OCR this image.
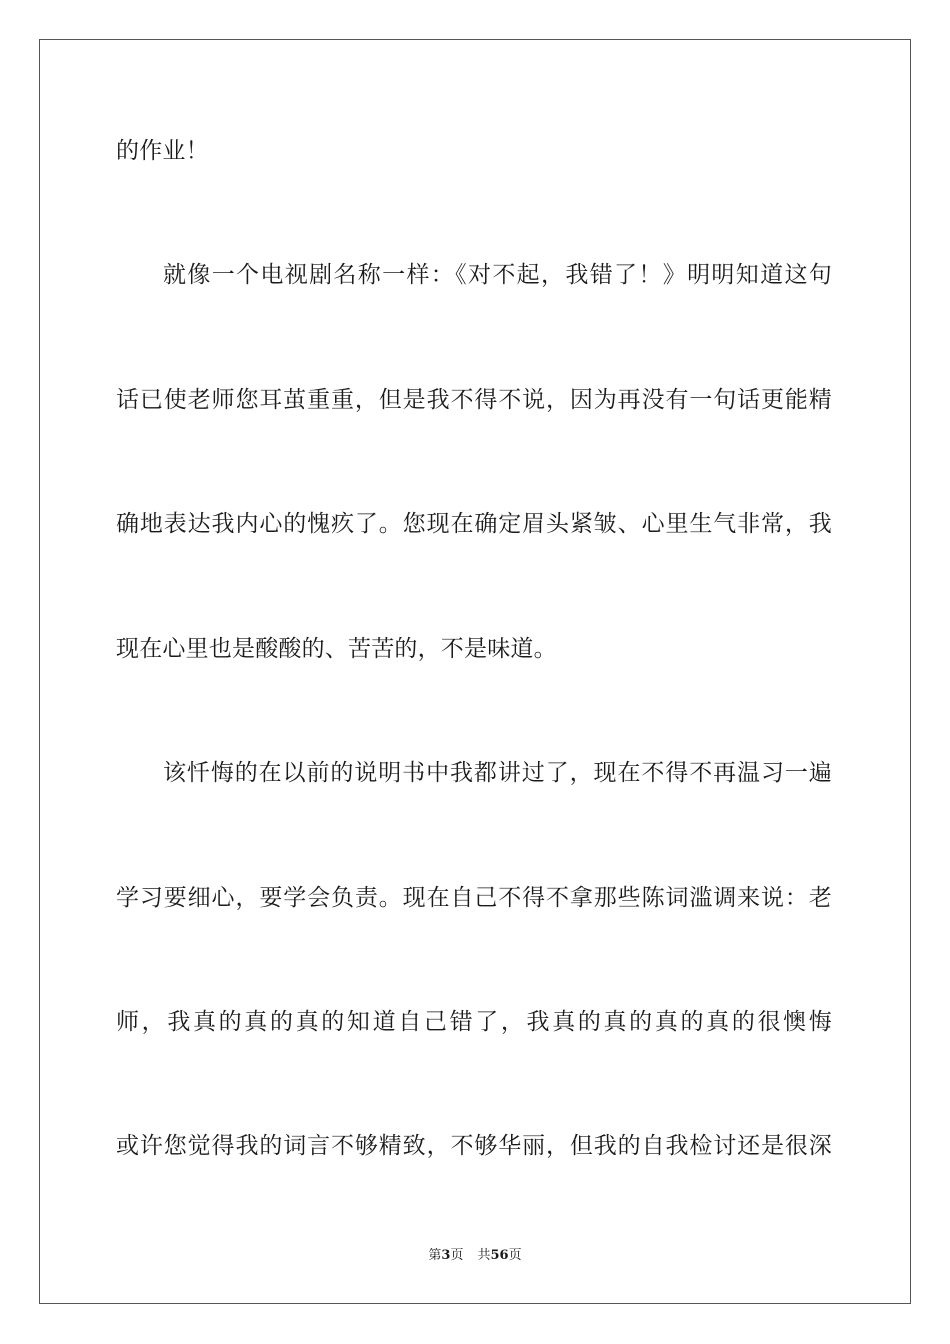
的作业！
就像一个电视剧名称一样：《对不起，我错了！》明明知道这句
话已使老师您耳茧重重，但是我不得不说，因为再没有一句话更能精
确地表达我内心的愧疚了。您现在确定眉头紧皱、心里生气非常，我
现在心里也是酸酸的、苦苦的，不是味道。
该忏悔的在以前的说明书中我都讲过了，现在不得不再温习一遍
学习要细心，要学会负责。现在自己不得不拿那些陈词滥调来说：老
师，我真的真的真的知道自己错了，我真的真的真的真的很懊悔
或许您觉得我的词言不够精致，不够华丽，但我的自我检讨还是很深
第3页 共56页
